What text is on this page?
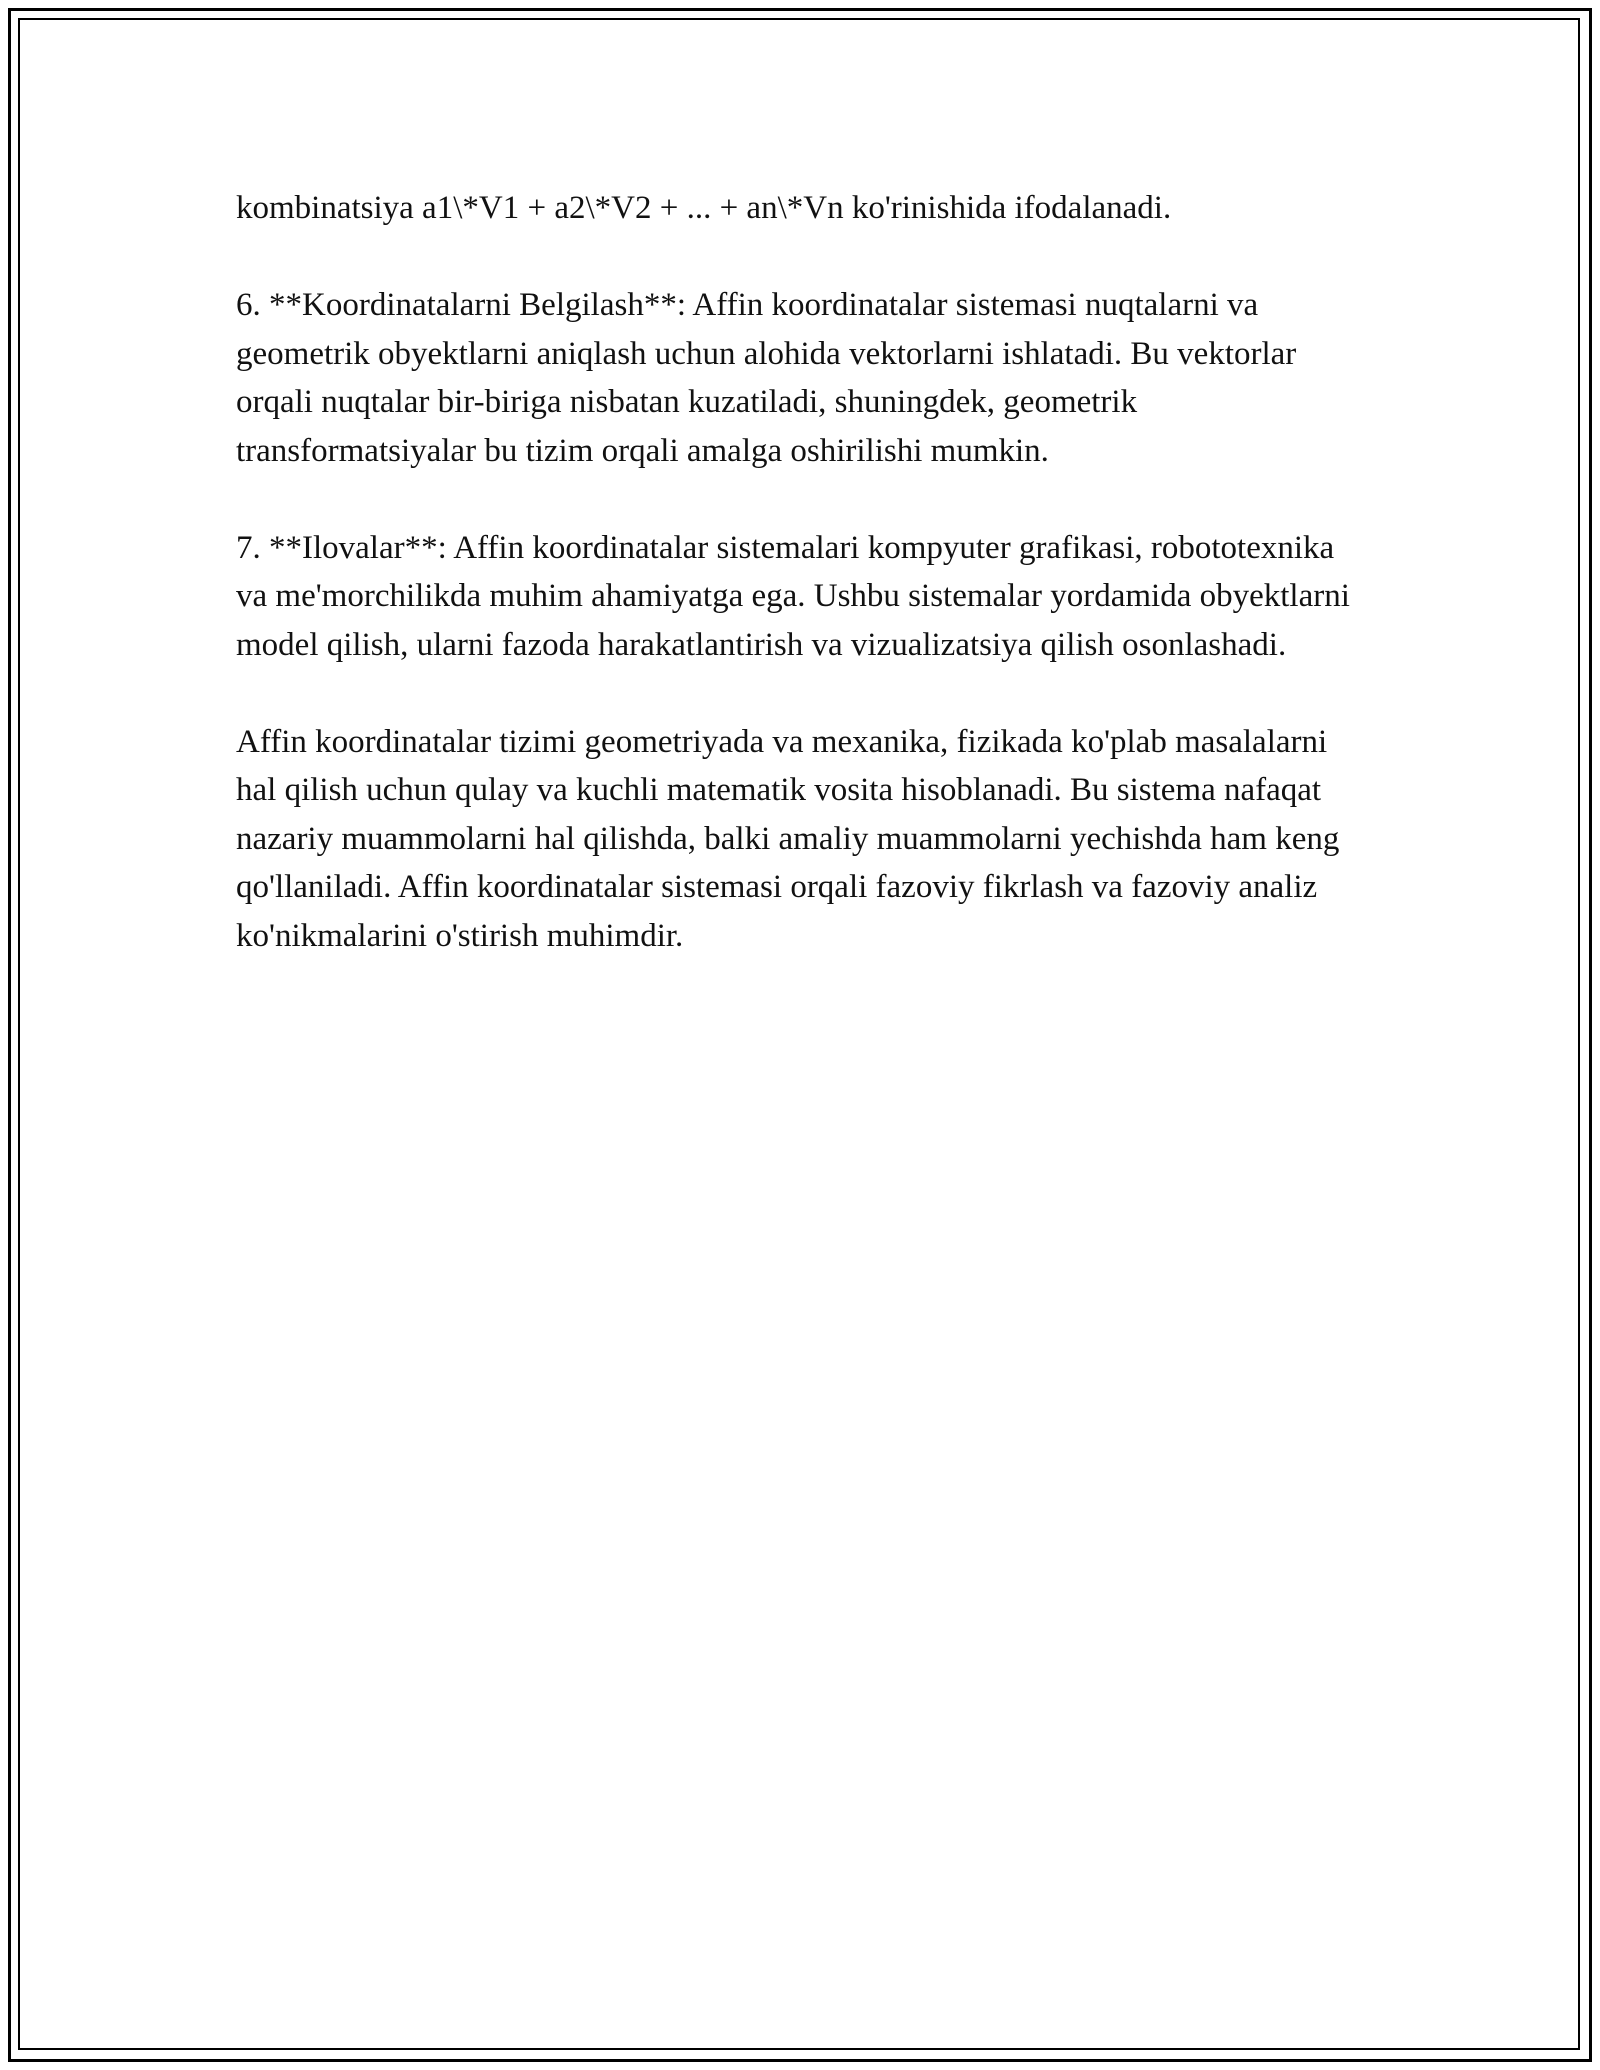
kombinatsiya a1\*V1 + a2\*V2 + ... + an\*Vn ko'rinishida ifodalanadi.

6. **Koordinatalarni Belgilash**: Affin koordinatalar sistemasi nuqtalarni va geometrik obyektlarni aniqlash uchun alohida vektorlarni ishlatadi. Bu vektorlar orqali nuqtalar bir-biriga nisbatan kuzatiladi, shuningdek, geometrik transformatsiyalar bu tizim orqali amalga oshirilishi mumkin.

7. **Ilovalar**: Affin koordinatalar sistemalari kompyuter grafikasi, robototexnika va me'morchilikda muhim ahamiyatga ega. Ushbu sistemalar yordamida obyektlarni model qilish, ularni fazoda harakatlantirish va vizualizatsiya qilish osonlashadi.

Affin koordinatalar tizimi geometriyada va mexanika, fizikada ko'plab masalalarni hal qilish uchun qulay va kuchli matematik vosita hisoblanadi. Bu sistema nafaqat nazariy muammolarni hal qilishda, balki amaliy muammolarni yechishda ham keng qo'llaniladi. Affin koordinatalar sistemasi orqali fazoviy fikrlash va fazoviy analiz ko'nikmalarini o'stirish muhimdir.
